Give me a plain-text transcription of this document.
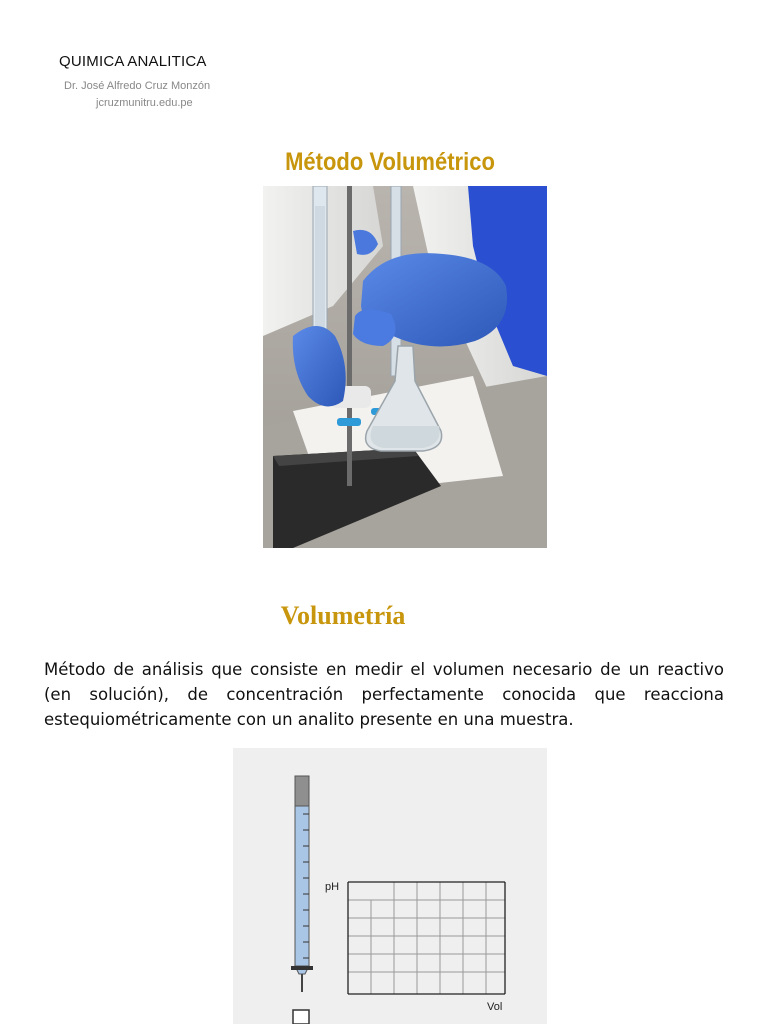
QUIMICA ANALITICA
Dr. José Alfredo Cruz Monzón
jcruzmunitru.edu.pe
Método Volumétrico
Volumetría
Método de análisis que consiste en medir el volumen necesario de un reactivo (en solución), de concentración perfectamente conocida que reacciona estequiométricamente con un analito presente en una muestra.
pH
Vol
